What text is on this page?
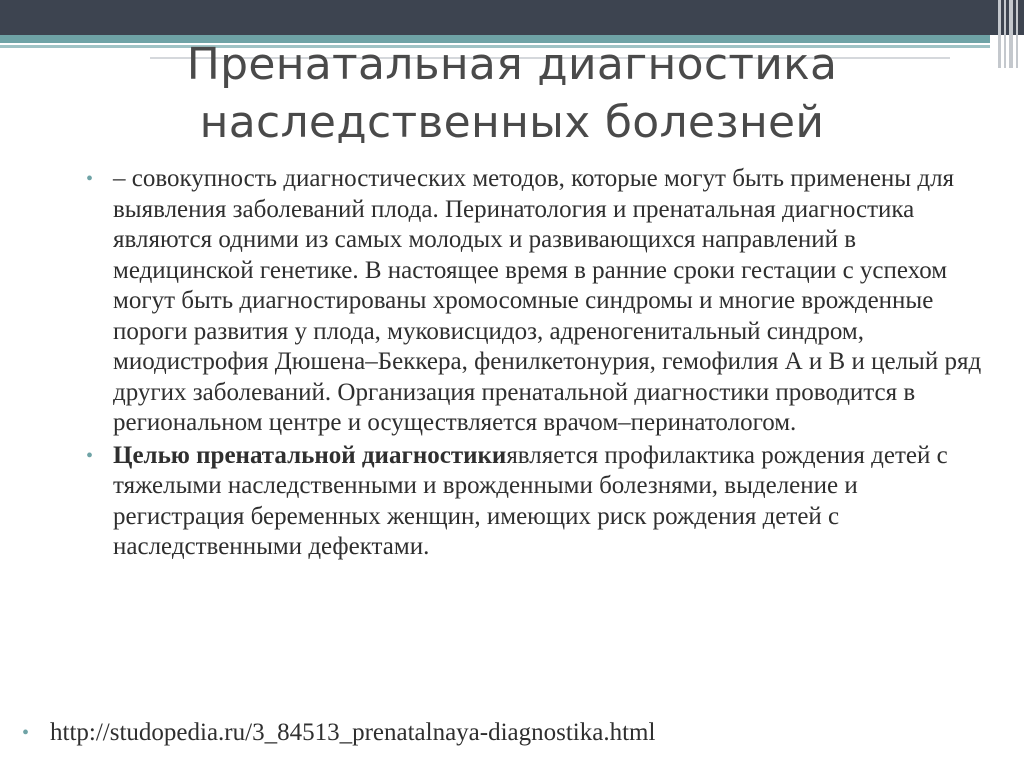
Пренатальная диагностика
наследственных болезней

• – совокупность диагностических методов, которые могут быть применены для выявления заболеваний плода. Перинатология и пренатальная диагностика являются одними из самых молодых и развивающихся направлений в медицинской генетике. В настоящее время в ранние сроки гестации с успехом могут быть диагностированы хромосомные синдромы и многие врожденные пороги развития у плода, муковисцидоз, адреногенитальный синдром, миодистрофия Дюшена–Беккера, фенилкетонурия, гемофилия А и В и целый ряд других заболеваний. Организация пренатальной диагностики проводится в региональном центре и осуществляется врачом–перинатологом.

• Целью пренатальной диагностикиявляется профилактика рождения детей с тяжелыми наследственными и врожденными болезнями, выделение и регистрация беременных женщин, имеющих риск рождения детей с наследственными дефектами.

• http://studopedia.ru/3_84513_prenatalnaya-diagnostika.html
